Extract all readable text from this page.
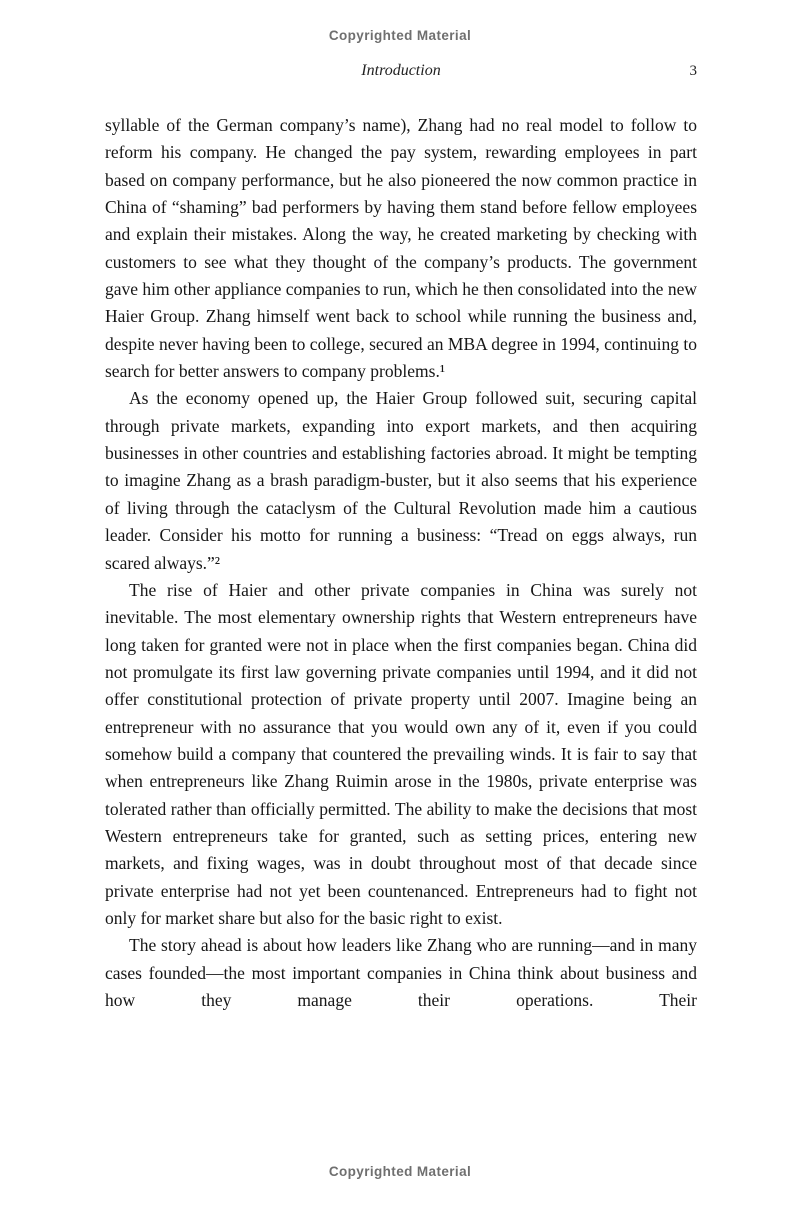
Copyrighted Material
Introduction	3

syllable of the German company’s name), Zhang had no real model to follow to reform his company. He changed the pay system, rewarding employees in part based on company performance, but he also pioneered the now common practice in China of “shaming” bad performers by having them stand before fellow employees and explain their mistakes. Along the way, he created marketing by checking with customers to see what they thought of the company’s products. The government gave him other appliance companies to run, which he then consolidated into the new Haier Group. Zhang himself went back to school while running the business and, despite never having been to college, secured an MBA degree in 1994, continuing to search for better answers to company problems.¹

As the economy opened up, the Haier Group followed suit, securing capital through private markets, expanding into export markets, and then acquiring businesses in other countries and establishing factories abroad. It might be tempting to imagine Zhang as a brash paradigm-buster, but it also seems that his experience of living through the cataclysm of the Cultural Revolution made him a cautious leader. Consider his motto for running a business: “Tread on eggs always, run scared always.”²

The rise of Haier and other private companies in China was surely not inevitable. The most elementary ownership rights that Western entrepreneurs have long taken for granted were not in place when the first companies began. China did not promulgate its first law governing private companies until 1994, and it did not offer constitutional protection of private property until 2007. Imagine being an entrepreneur with no assurance that you would own any of it, even if you could somehow build a company that countered the prevailing winds. It is fair to say that when entrepreneurs like Zhang Ruimin arose in the 1980s, private enterprise was tolerated rather than officially permitted. The ability to make the decisions that most Western entrepreneurs take for granted, such as setting prices, entering new markets, and fixing wages, was in doubt throughout most of that decade since private enterprise had not yet been countenanced. Entrepreneurs had to fight not only for market share but also for the basic right to exist.

The story ahead is about how leaders like Zhang who are running—and in many cases founded—the most important companies in China think about business and how they manage their operations. Their

Copyrighted Material
